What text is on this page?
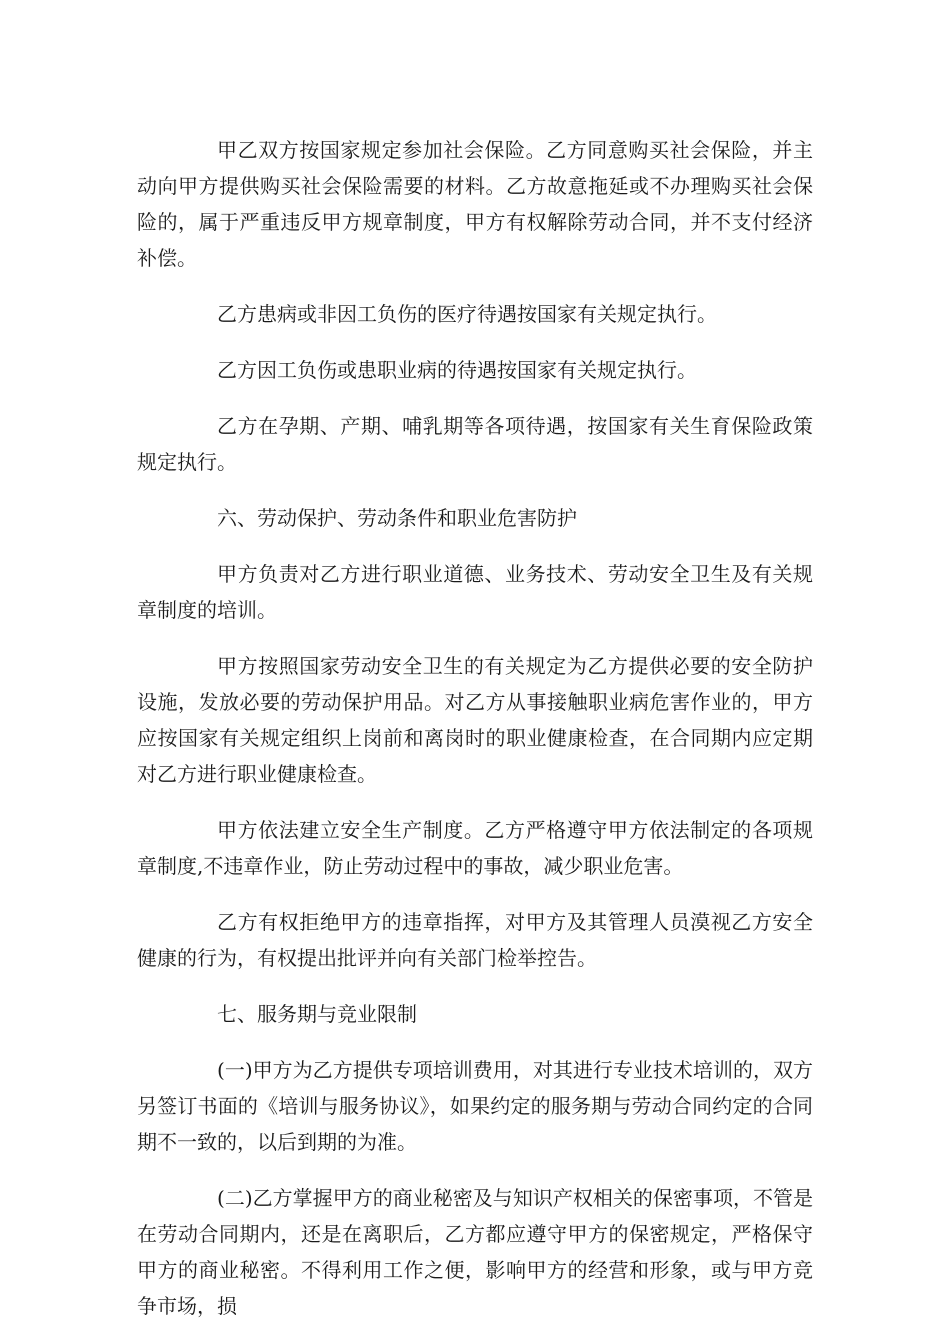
甲乙双方按国家规定参加社会保险。乙方同意购买社会保险，并主动向甲方提供购买社会保险需要的材料。乙方故意拖延或不办理购买社会保险的，属于严重违反甲方规章制度，甲方有权解除劳动合同，并不支付经济补偿。

乙方患病或非因工负伤的医疗待遇按国家有关规定执行。

乙方因工负伤或患职业病的待遇按国家有关规定执行。

乙方在孕期、产期、哺乳期等各项待遇，按国家有关生育保险政策规定执行。

六、劳动保护、劳动条件和职业危害防护

甲方负责对乙方进行职业道德、业务技术、劳动安全卫生及有关规章制度的培训。

甲方按照国家劳动安全卫生的有关规定为乙方提供必要的安全防护设施，发放必要的劳动保护用品。对乙方从事接触职业病危害作业的，甲方应按国家有关规定组织上岗前和离岗时的职业健康检查，在合同期内应定期对乙方进行职业健康检查。

甲方依法建立安全生产制度。乙方严格遵守甲方依法制定的各项规章制度,不违章作业，防止劳动过程中的事故，减少职业危害。

乙方有权拒绝甲方的违章指挥，对甲方及其管理人员漠视乙方安全健康的行为，有权提出批评并向有关部门检举控告。

七、服务期与竞业限制

(一)甲方为乙方提供专项培训费用，对其进行专业技术培训的，双方另签订书面的《培训与服务协议》，如果约定的服务期与劳动合同约定的合同期不一致的，以后到期的为准。

(二)乙方掌握甲方的商业秘密及与知识产权相关的保密事项，不管是在劳动合同期内，还是在离职后，乙方都应遵守甲方的保密规定，严格保守甲方的商业秘密。不得利用工作之便，影响甲方的经营和形象，或与甲方竞争市场，损
